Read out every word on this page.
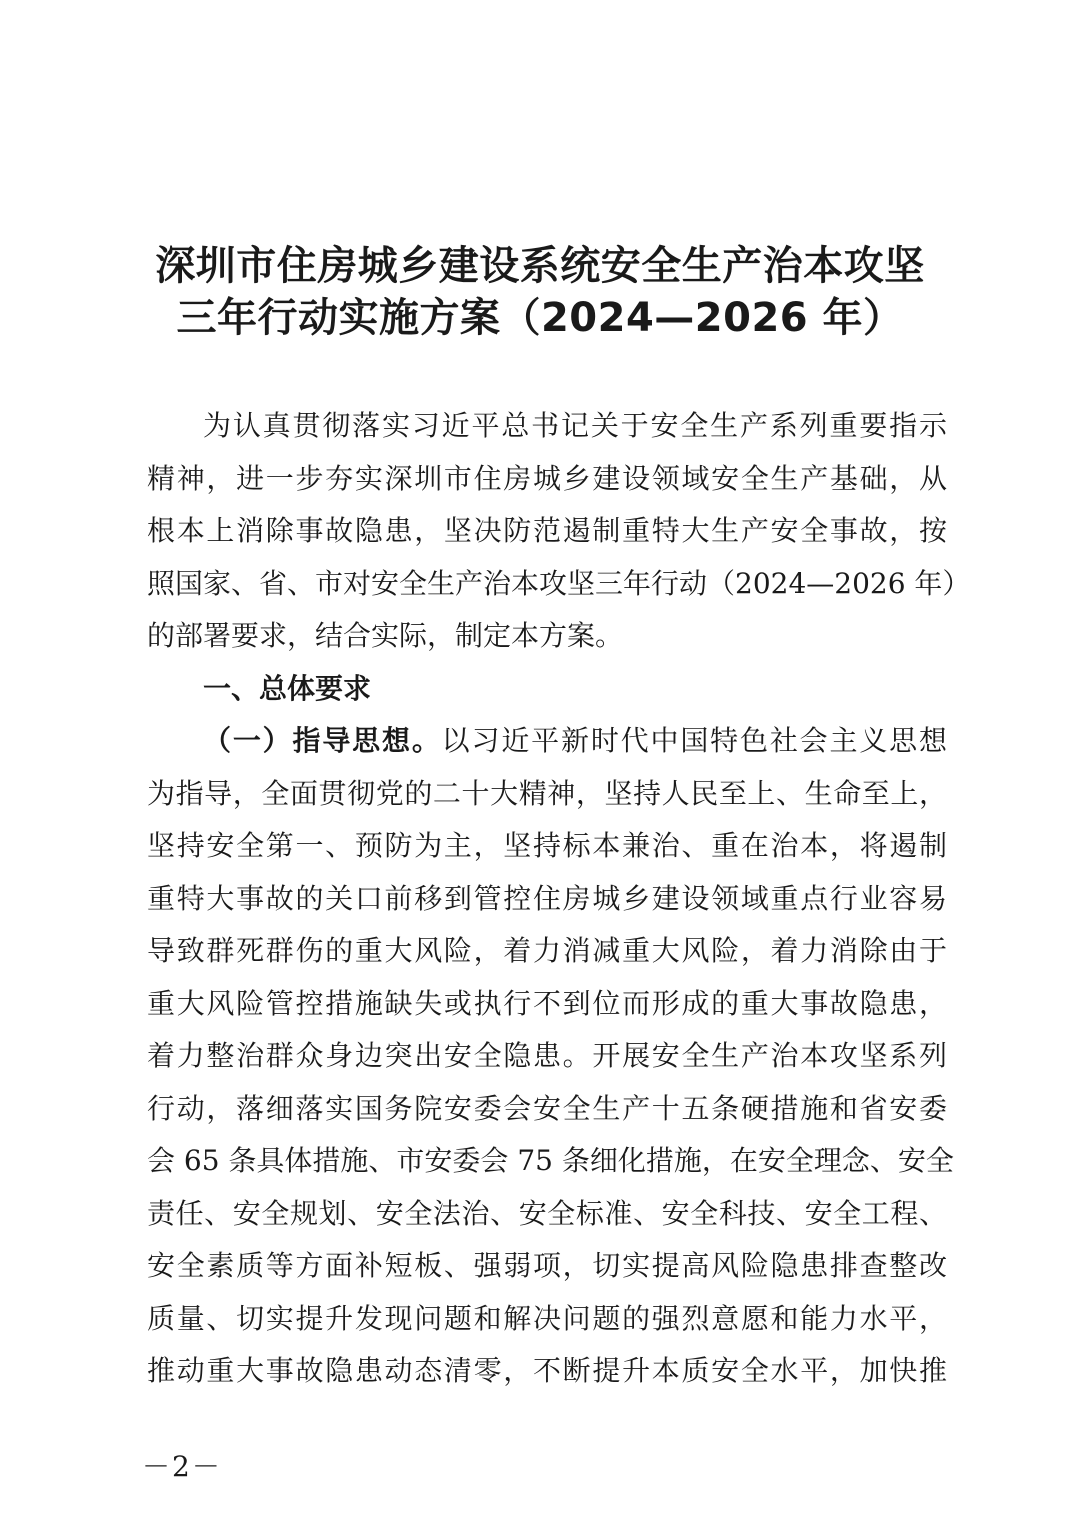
深圳市住房城乡建设系统安全生产治本攻坚
三年行动实施方案（2024—2026 年）
为认真贯彻落实习近平总书记关于安全生产系列重要指示
精神，进一步夯实深圳市住房城乡建设领域安全生产基础，从
根本上消除事故隐患，坚决防范遏制重特大生产安全事故，按
照国家、省、市对安全生产治本攻坚三年行动（2024—2026 年）
的部署要求，结合实际，制定本方案。
一、总体要求
（一）指导思想。以习近平新时代中国特色社会主义思想
为指导，全面贯彻党的二十大精神，坚持人民至上、生命至上，
坚持安全第一、预防为主，坚持标本兼治、重在治本，将遏制
重特大事故的关口前移到管控住房城乡建设领域重点行业容易
导致群死群伤的重大风险，着力消减重大风险，着力消除由于
重大风险管控措施缺失或执行不到位而形成的重大事故隐患，
着力整治群众身边突出安全隐患。开展安全生产治本攻坚系列
行动，落细落实国务院安委会安全生产十五条硬措施和省安委
会 65 条具体措施、市安委会 75 条细化措施，在安全理念、安全
责任、安全规划、安全法治、安全标准、安全科技、安全工程、
安全素质等方面补短板、强弱项，切实提高风险隐患排查整改
质量、切实提升发现问题和解决问题的强烈意愿和能力水平，
推动重大事故隐患动态清零，不断提升本质安全水平，加快推
－2－
